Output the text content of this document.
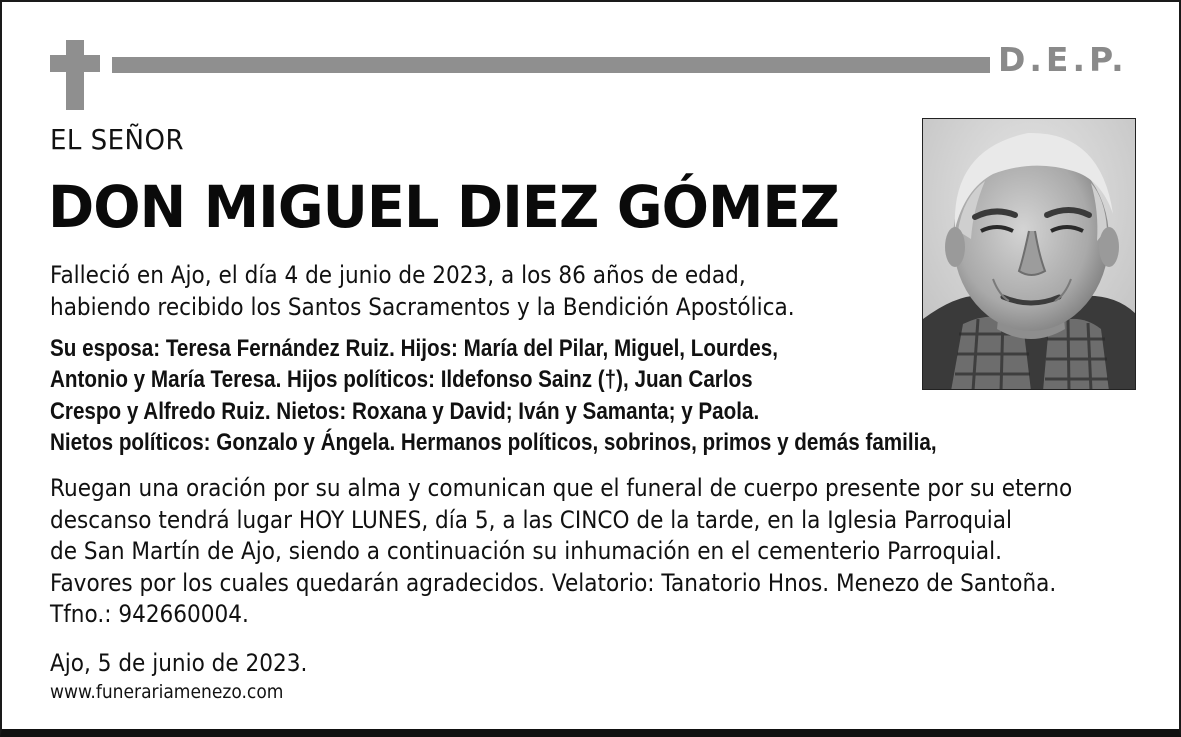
D.E.P.
EL SEÑOR
DON MIGUEL DIEZ GÓMEZ
Falleció en Ajo, el día 4 de junio de 2023, a los 86 años de edad,
habiendo recibido los Santos Sacramentos y la Bendición Apostólica.
Su esposa: Teresa Fernández Ruiz. Hijos: María del Pilar, Miguel, Lourdes,
Antonio y María Teresa. Hijos políticos: Ildefonso Sainz (†), Juan Carlos
Crespo y Alfredo Ruiz. Nietos: Roxana y David; Iván y Samanta; y Paola.
Nietos políticos: Gonzalo y Ángela. Hermanos políticos, sobrinos, primos y demás familia,
Ruegan una oración por su alma y comunican que el funeral de cuerpo presente por su eterno
descanso tendrá lugar HOY LUNES, día 5, a las CINCO de la tarde, en la Iglesia Parroquial
de San Martín de Ajo, siendo a continuación su inhumación en el cementerio Parroquial.
Favores por los cuales quedarán agradecidos. Velatorio: Tanatorio Hnos. Menezo de Santoña.
Tfno.: 942660004.
Ajo, 5 de junio de 2023.
www.funerariamenezo.com
